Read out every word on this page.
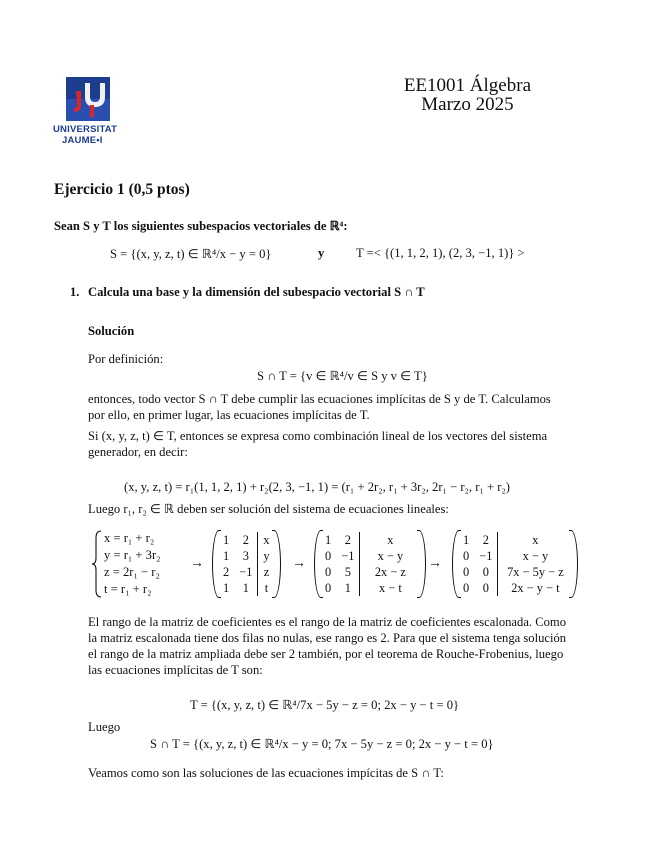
UNIVERSITAT
JAUME•I
EE1001 Álgebra
Marzo 2025
Ejercicio 1 (0,5 ptos)
Sean S y T los siguientes subespacios vectoriales de ℝ⁴:
S = {(x, y, z, t) ∈ ℝ⁴/x − y = 0}	y	T =< {(1, 1, 2, 1), (2, 3, −1, 1)} >
1. Calcula una base y la dimensión del subespacio vectorial S ∩ T
Solución
Por definición:
S ∩ T = {v ∈ ℝ⁴/v ∈ S y v ∈ T}
entonces, todo vector S ∩ T debe cumplir las ecuaciones implícitas de S y de T. Calculamos
por ello, en primer lugar, las ecuaciones implícitas de T.
Si (x, y, z, t) ∈ T, entonces se expresa como combinación lineal de los vectores del sistema
generador, en decir:
(x, y, z, t) = r₁(1, 1, 2, 1) + r₂(2, 3, −1, 1) = (r₁ + 2r₂, r₁ + 3r₂, 2r₁ − r₂, r₁ + r₂)
Luego r₁, r₂ ∈ ℝ deben ser solución del sistema de ecuaciones lineales:
x = r₁ + r₂
y = r₁ + 3r₂
z = 2r₁ − r₂
t = r₁ + r₂
→
1	2	x
1	3	y
2	−1	z
1	1	t
→
1	2	x
0	−1	x − y
0	5	2x − z
0	1	x − t
→
1	2	x
0	−1	x − y
0	0	7x − 5y − z
0	0	2x − y − t
El rango de la matriz de coeficientes es el rango de la matriz de coeficientes escalonada. Como
la matriz escalonada tiene dos filas no nulas, ese rango es 2. Para que el sistema tenga solución
el rango de la matriz ampliada debe ser 2 también, por el teorema de Rouche-Frobenius, luego
las ecuaciones implícitas de T son:
T = {(x, y, z, t) ∈ ℝ⁴/7x − 5y − z = 0; 2x − y − t = 0}
Luego
S ∩ T = {(x, y, z, t) ∈ ℝ⁴/x − y = 0; 7x − 5y − z = 0; 2x − y − t = 0}
Veamos como son las soluciones de las ecuaciones impícitas de S ∩ T:
